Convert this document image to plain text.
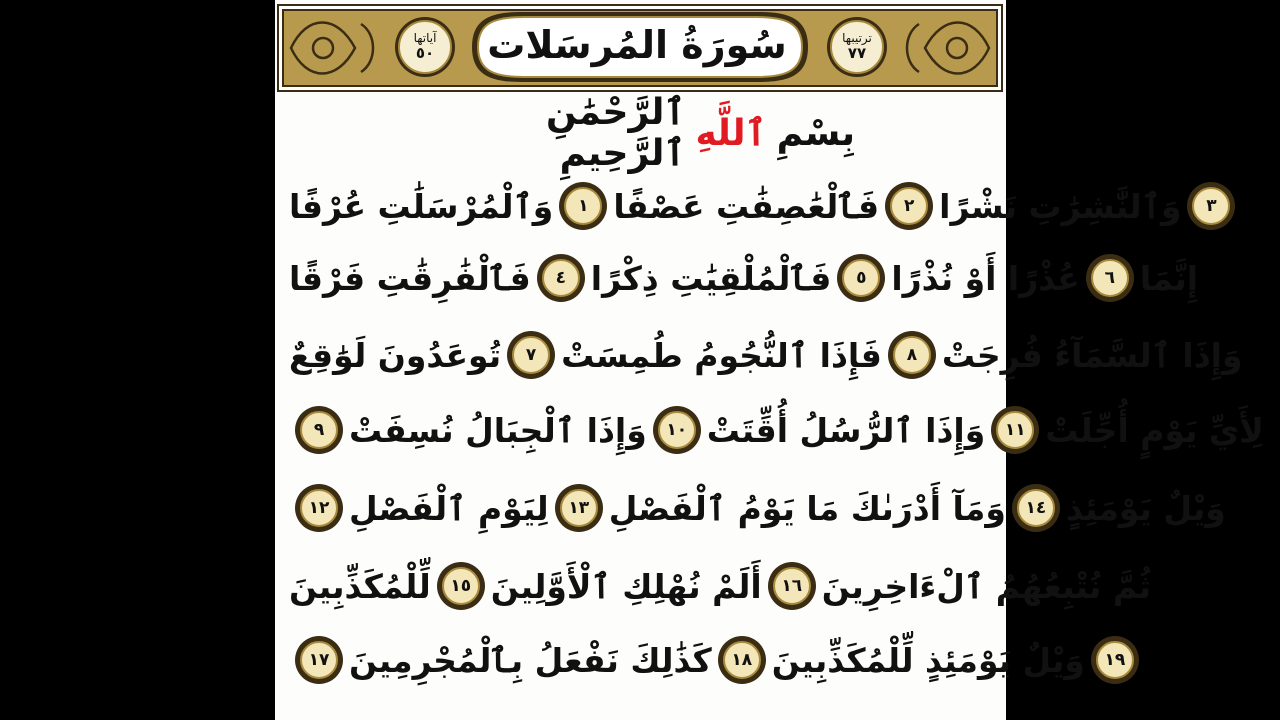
سُورَةُ المُرسَلات
آياتها
٥٠
ترتيبها
٧٧
بِسْمِ
ٱللَّهِ
ٱلرَّحْمَٰنِ ٱلرَّحِيمِ
وَٱلْمُرْسَلَٰتِ عُرْفًا	١ فَٱلْعَٰصِفَٰتِ عَصْفًا	٢ وَٱلنَّٰشِرَٰتِ نَشْرًا	٣
فَٱلْفَٰرِقَٰتِ فَرْقًا	٤ فَٱلْمُلْقِيَٰتِ ذِكْرًا	٥ عُذْرًا أَوْ نُذْرًا	٦ إِنَّمَا
تُوعَدُونَ لَوَٰقِعٌ	٧ فَإِذَا ٱلنُّجُومُ طُمِسَتْ	٨ وَإِذَا ٱلسَّمَآءُ فُرِجَتْ
٩ وَإِذَا ٱلْجِبَالُ نُسِفَتْ	١٠ وَإِذَا ٱلرُّسُلُ أُقِّتَتْ	١١ لِأَيِّ يَوْمٍ أُجِّلَتْ
١٢ لِيَوْمِ ٱلْفَصْلِ	١٣ وَمَآ أَدْرَىٰكَ مَا يَوْمُ ٱلْفَصْلِ	١٤ وَيْلٌ يَوْمَئِذٍ
لِّلْمُكَذِّبِينَ	١٥ أَلَمْ نُهْلِكِ ٱلْأَوَّلِينَ	١٦ ثُمَّ نُتْبِعُهُمُ ٱلْءَاخِرِينَ
١٧ كَذَٰلِكَ نَفْعَلُ بِٱلْمُجْرِمِينَ	١٨ وَيْلٌ يَوْمَئِذٍ لِّلْمُكَذِّبِينَ	١٩
